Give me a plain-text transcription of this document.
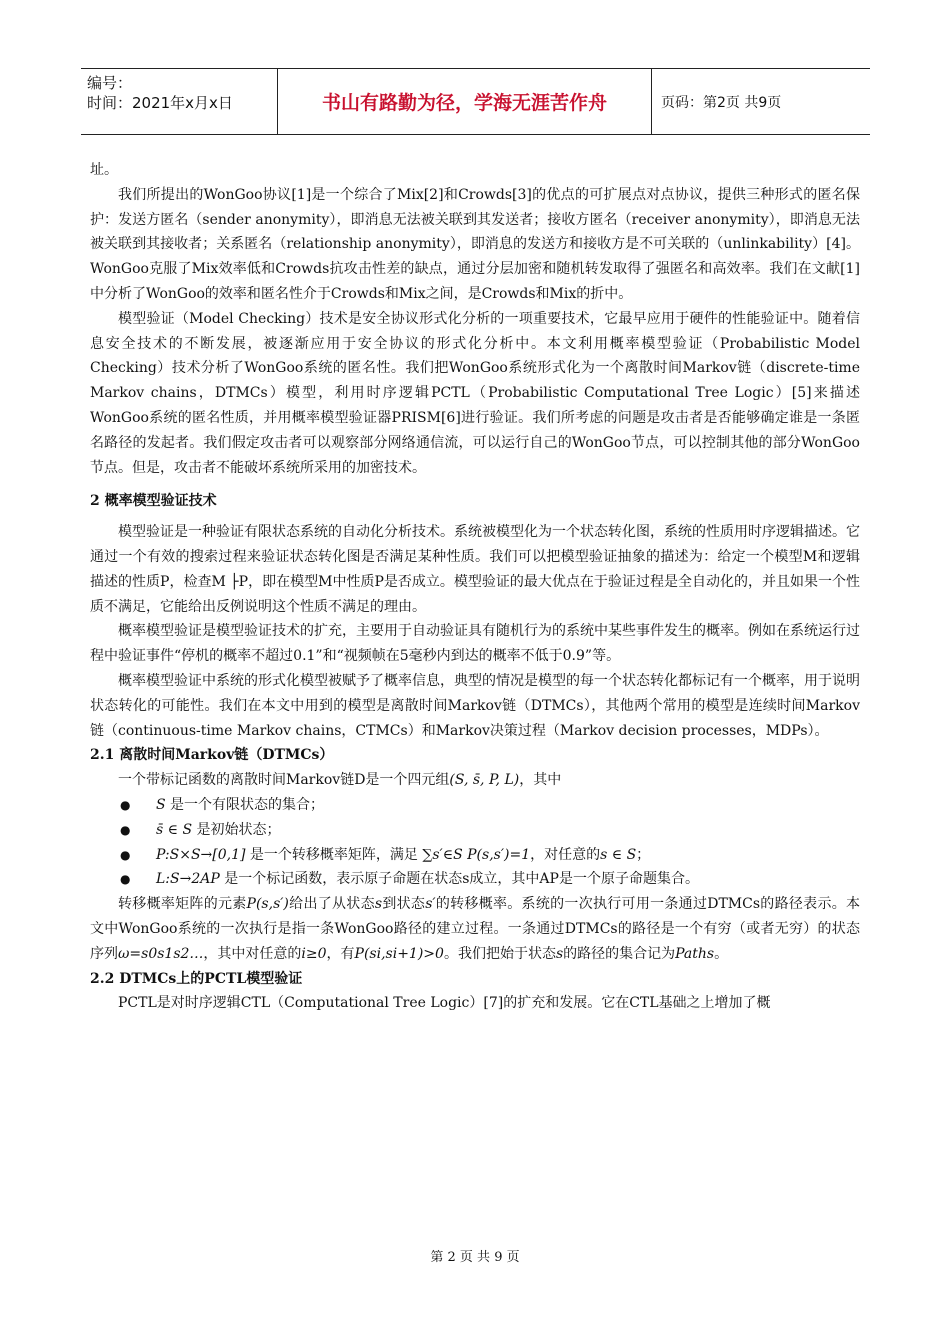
编号：
时间：2021年x月x日	书山有路勤为径，学海无涯苦作舟	页码：第2页 共9页

址。

我们所提出的WonGoo协议[1]是一个综合了Mix[2]和Crowds[3]的优点的可扩展点对点协议，提供三种形式的匿名保护：发送方匿名（sender anonymity），即消息无法被关联到其发送者；接收方匿名（receiver anonymity），即消息无法被关联到其接收者；关系匿名（relationship anonymity），即消息的发送方和接收方是不可关联的（unlinkability）[4]。WonGoo克服了Mix效率低和Crowds抗攻击性差的缺点，通过分层加密和随机转发取得了强匿名和高效率。我们在文献[1]中分析了WonGoo的效率和匿名性介于Crowds和Mix之间，是Crowds和Mix的折中。

模型验证（Model Checking）技术是安全协议形式化分析的一项重要技术，它最早应用于硬件的性能验证中。随着信息安全技术的不断发展，被逐渐应用于安全协议的形式化分析中。本文利用概率模型验证（Probabilistic Model Checking）技术分析了WonGoo系统的匿名性。我们把WonGoo系统形式化为一个离散时间Markov链（discrete-time Markov chains，DTMCs）模型，利用时序逻辑PCTL（Probabilistic Computational Tree Logic）[5]来描述WonGoo系统的匿名性质，并用概率模型验证器PRISM[6]进行验证。我们所考虑的问题是攻击者是否能够确定谁是一条匿名路径的发起者。我们假定攻击者可以观察部分网络通信流，可以运行自己的WonGoo节点，可以控制其他的部分WonGoo节点。但是，攻击者不能破坏系统所采用的加密技术。

2 概率模型验证技术

模型验证是一种验证有限状态系统的自动化分析技术。系统被模型化为一个状态转化图，系统的性质用时序逻辑描述。它通过一个有效的搜索过程来验证状态转化图是否满足某种性质。我们可以把模型验证抽象的描述为：给定一个模型M和逻辑描述的性质P，检查M ├P，即在模型M中性质P是否成立。模型验证的最大优点在于验证过程是全自动化的，并且如果一个性质不满足，它能给出反例说明这个性质不满足的理由。

概率模型验证是模型验证技术的扩充，主要用于自动验证具有随机行为的系统中某些事件发生的概率。例如在系统运行过程中验证事件“停机的概率不超过0.1”和“视频帧在5毫秒内到达的概率不低于0.9”等。

概率模型验证中系统的形式化模型被赋予了概率信息，典型的情况是模型的每一个状态转化都标记有一个概率，用于说明状态转化的可能性。我们在本文中用到的模型是离散时间Markov链（DTMCs），其他两个常用的模型是连续时间Markov链（continuous-time Markov chains，CTMCs）和Markov决策过程（Markov decision processes，MDPs）。

2.1 离散时间Markov链（DTMCs）

一个带标记函数的离散时间Markov链D是一个四元组(S, s̄, P, L)，其中

●	S 是一个有限状态的集合；
●	s̄ ∈ S 是初始状态；
●	P:S×S→[0,1] 是一个转移概率矩阵，满足 ∑s′∈S P(s,s′)=1，对任意的s ∈ S；
●	L:S→2AP 是一个标记函数，表示原子命题在状态s成立，其中AP是一个原子命题集合。

转移概率矩阵的元素P(s,s′)给出了从状态s到状态s′的转移概率。系统的一次执行可用一条通过DTMCs的路径表示。本文中WonGoo系统的一次执行是指一条WonGoo路径的建立过程。一条通过DTMCs的路径是一个有穷（或者无穷）的状态序列ω=s0s1s2…，其中对任意的i≥0，有P(si,si+1)>0。我们把始于状态s的路径的集合记为Paths。

2.2 DTMCs上的PCTL模型验证

PCTL是对时序逻辑CTL（Computational Tree Logic）[7]的扩充和发展。它在CTL基础之上增加了概

第 2 页 共 9 页
